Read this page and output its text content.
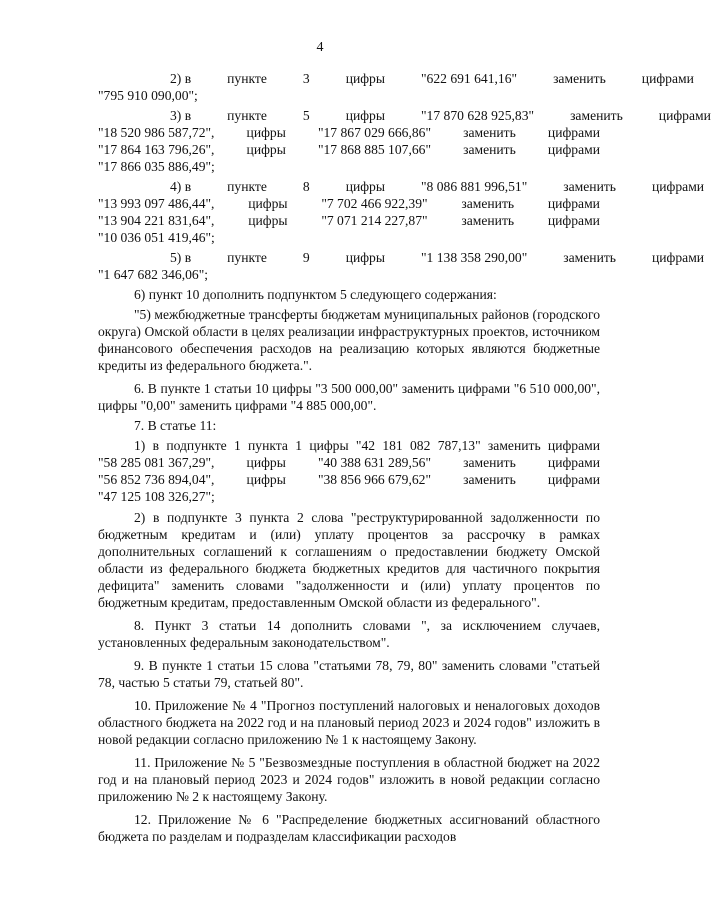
4

2) в	пункте	3	цифры	"622 691 641,16"	заменить	цифрами
"795 910 090,00";
3) в	пункте	5	цифры	"17 870 628 925,83"	заменить	цифрами
"18 520 986 587,72", цифры "17 867 029 666,86" заменить цифрами
"17 864 163 796,26", цифры "17 868 885 107,66" заменить цифрами
"17 866 035 886,49";
4) в	пункте	8	цифры	"8 086 881 996,51"	заменить	цифрами
"13 993 097 486,44", цифры "7 702 466 922,39" заменить цифрами
"13 904 221 831,64", цифры "7 071 214 227,87" заменить цифрами
"10 036 051 419,46";
5) в	пункте	9	цифры	"1 138 358 290,00"	заменить	цифрами
"1 647 682 346,06";
6) пункт 10 дополнить подпунктом 5 следующего содержания:
"5) межбюджетные трансферты бюджетам муниципальных районов (городского округа) Омской области в целях реализации инфраструктурных проектов, источником финансового обеспечения расходов на реализацию которых являются бюджетные кредиты из федерального бюджета.".
6. В пункте 1 статьи 10 цифры "3 500 000,00" заменить цифрами "6 510 000,00", цифры "0,00" заменить цифрами "4 885 000,00".
7. В статье 11:
1) в подпункте 1 пункта 1 цифры "42 181 082 787,13" заменить цифрами
"58 285 081 367,29", цифры "40 388 631 289,56" заменить цифрами
"56 852 736 894,04", цифры "38 856 966 679,62" заменить цифрами
"47 125 108 326,27";
2) в подпункте 3 пункта 2 слова "реструктурированной задолженности по бюджетным кредитам и (или) уплату процентов за рассрочку в рамках дополнительных соглашений к соглашениям о предоставлении бюджету Омской области из федерального бюджета бюджетных кредитов для частичного покрытия дефицита" заменить словами "задолженности и (или) уплату процентов по бюджетным кредитам, предоставленным Омской области из федерального".
8. Пункт 3 статьи 14 дополнить словами ", за исключением случаев, установленных федеральным законодательством".
9. В пункте 1 статьи 15 слова "статьями 78, 79, 80" заменить словами "статьей 78, частью 5 статьи 79, статьей 80".
10. Приложение № 4 "Прогноз поступлений налоговых и неналоговых доходов областного бюджета на 2022 год и на плановый период 2023 и 2024 годов" изложить в новой редакции согласно приложению № 1 к настоящему Закону.
11. Приложение № 5 "Безвозмездные поступления в областной бюджет на 2022 год и на плановый период 2023 и 2024 годов" изложить в новой редакции согласно приложению № 2 к настоящему Закону.
12. Приложение № 6 "Распределение бюджетных ассигнований областного бюджета по разделам и подразделам классификации расходов
